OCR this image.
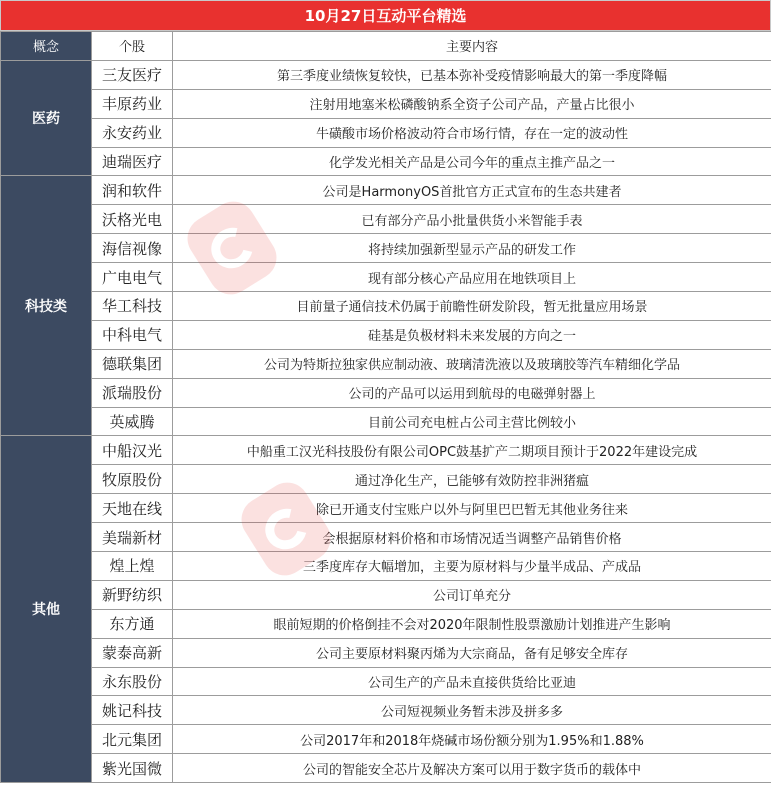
10月27日互动平台精选
概念	个股	主要内容
医药	三友医疗	第三季度业绩恢复较快，已基本弥补受疫情影响最大的第一季度降幅
	丰原药业	注射用地塞米松磷酸钠系全资子公司产品，产量占比很小
	永安药业	牛磺酸市场价格波动符合市场行情，存在一定的波动性
	迪瑞医疗	化学发光相关产品是公司今年的重点主推产品之一
科技类	润和软件	公司是HarmonyOS首批官方正式宣布的生态共建者
	沃格光电	已有部分产品小批量供货小米智能手表
	海信视像	将持续加强新型显示产品的研发工作
	广电电气	现有部分核心产品应用在地铁项目上
	华工科技	目前量子通信技术仍属于前瞻性研发阶段，暂无批量应用场景
	中科电气	硅基是负极材料未来发展的方向之一
	德联集团	公司为特斯拉独家供应制动液、玻璃清洗液以及玻璃胶等汽车精细化学品
	派瑞股份	公司的产品可以运用到航母的电磁弹射器上
	英威腾	目前公司充电桩占公司主营比例较小
其他	中船汉光	中船重工汉光科技股份有限公司OPC鼓基扩产二期项目预计于2022年建设完成
	牧原股份	通过净化生产，已能够有效防控非洲猪瘟
	天地在线	除已开通支付宝账户以外与阿里巴巴暂无其他业务往来
	美瑞新材	会根据原材料价格和市场情况适当调整产品销售价格
	煌上煌	三季度库存大幅增加，主要为原材料与少量半成品、产成品
	新野纺织	公司订单充分
	东方通	眼前短期的价格倒挂不会对2020年限制性股票激励计划推进产生影响
	蒙泰高新	公司主要原材料聚丙烯为大宗商品，备有足够安全库存
	永东股份	公司生产的产品未直接供货给比亚迪
	姚记科技	公司短视频业务暂未涉及拼多多
	北元集团	公司2017年和2018年烧碱市场份额分别为1.95%和1.88%
	紫光国微	公司的智能安全芯片及解决方案可以用于数字货币的载体中
